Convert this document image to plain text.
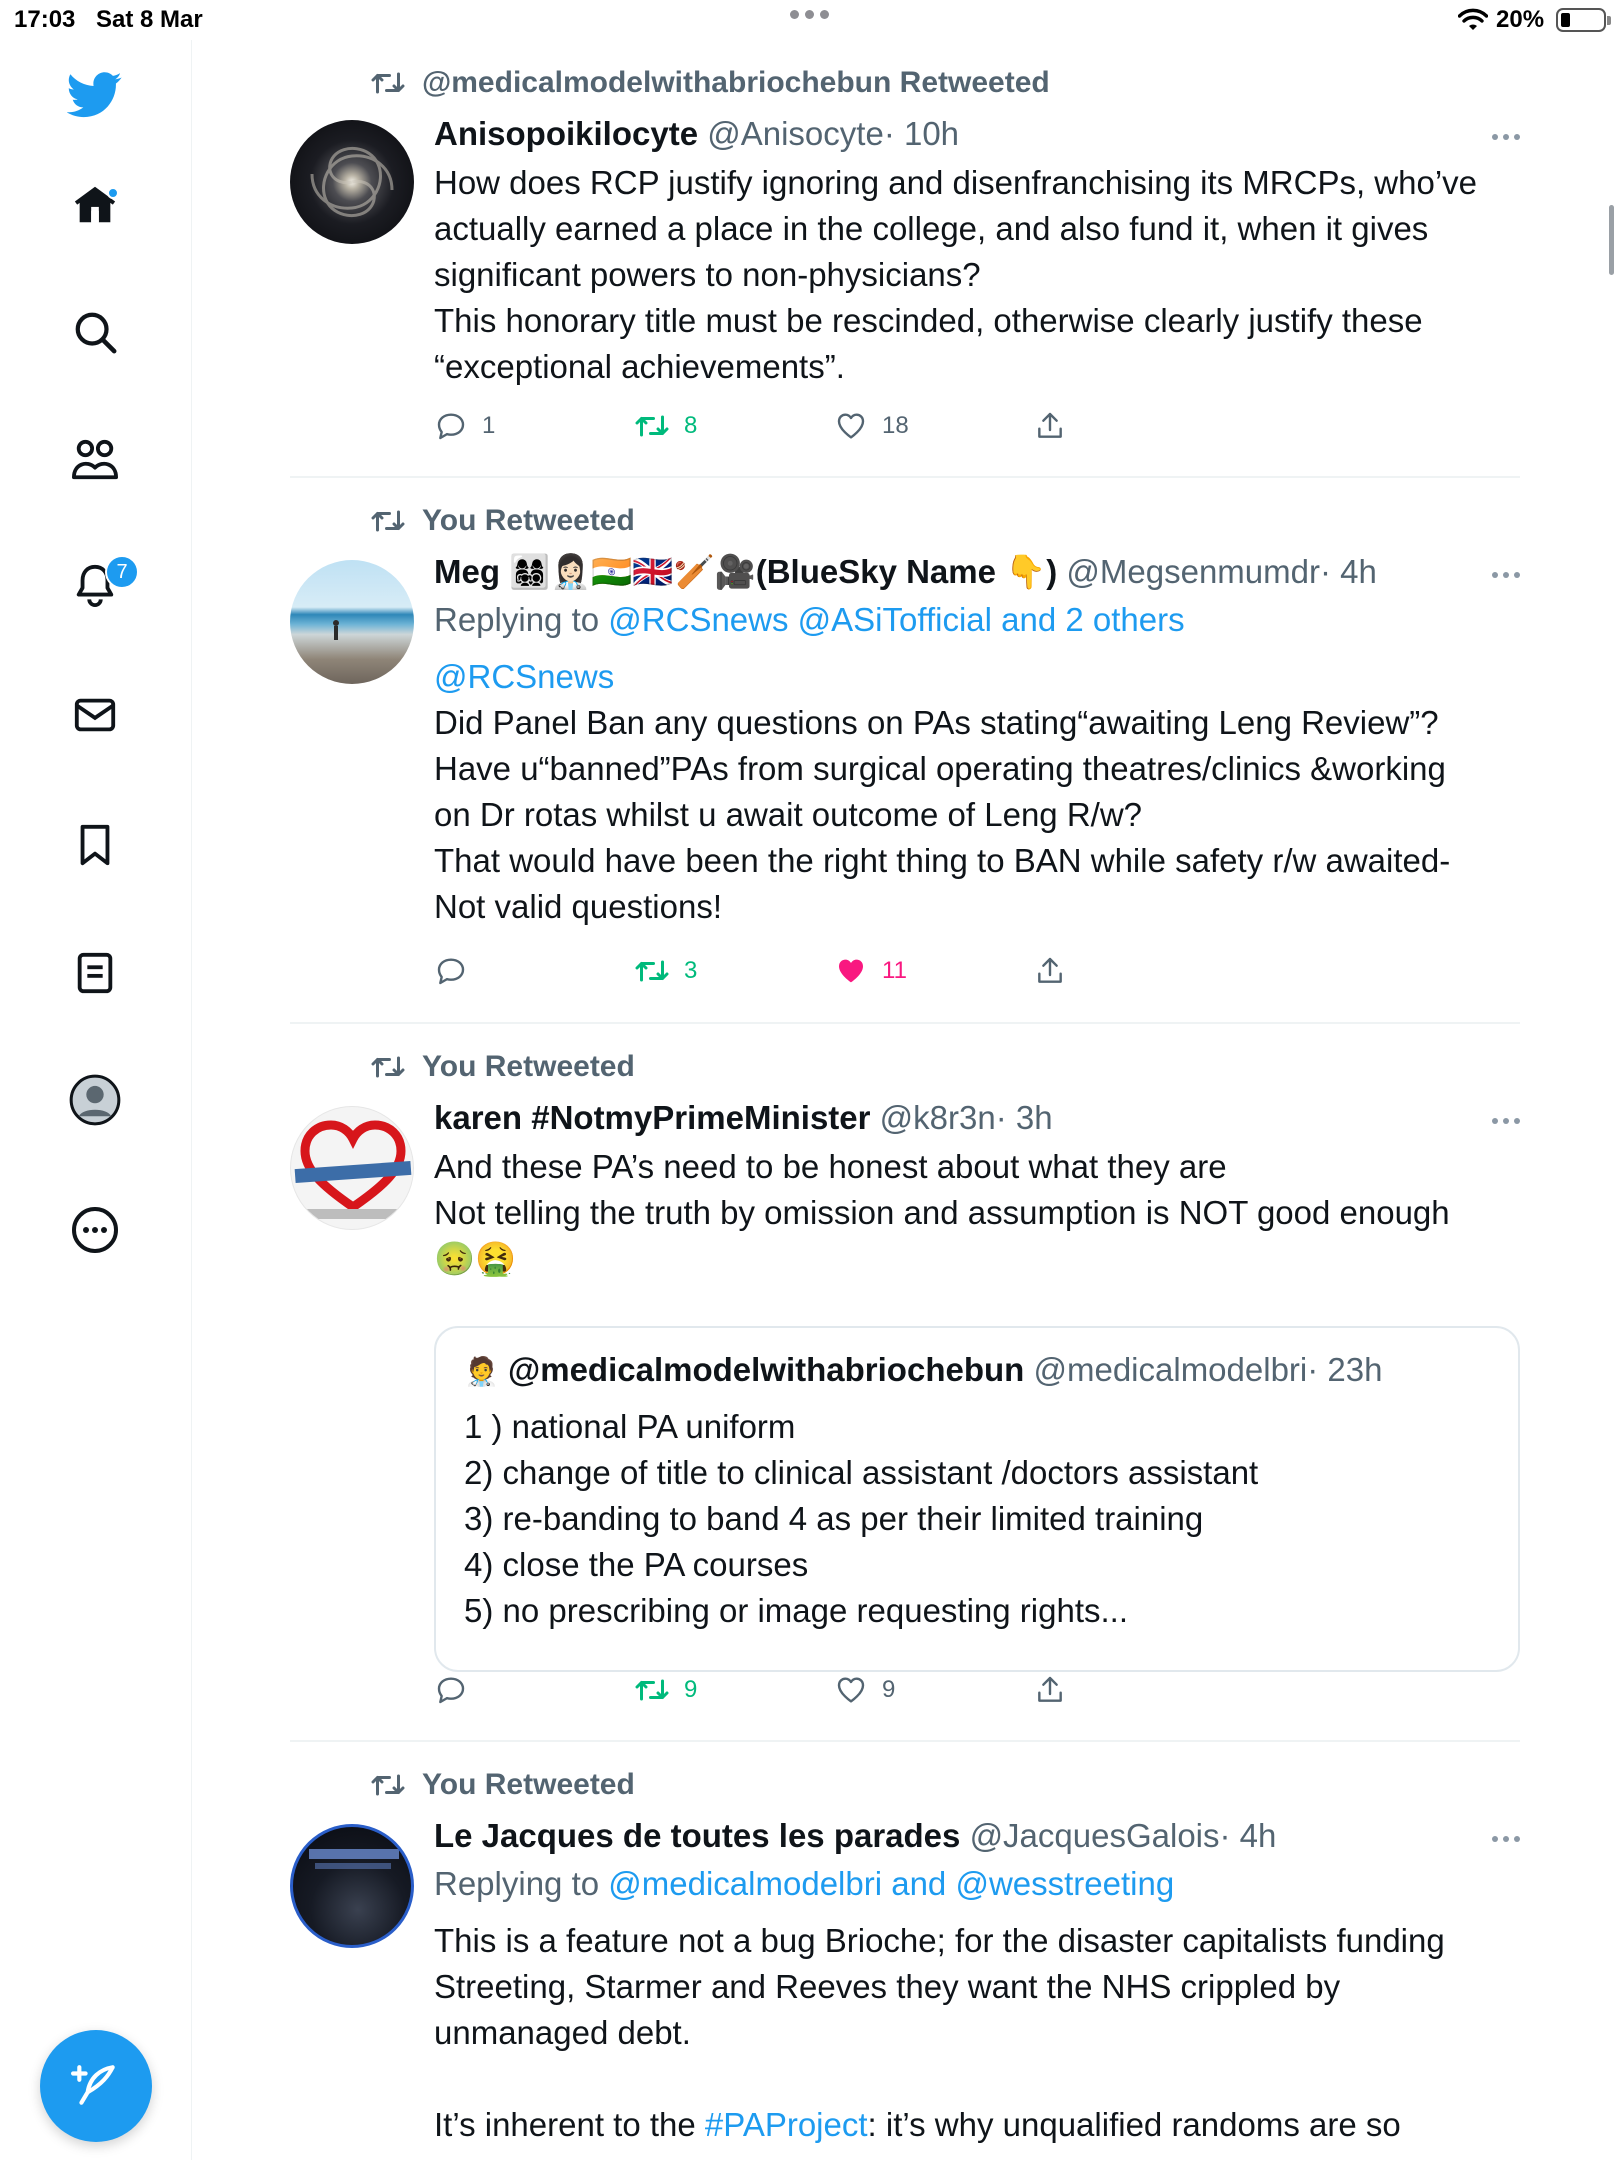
17:03 Sat 8 Mar	20%
7
@medicalmodelwithabriochebun Retweeted
Anisopoikilocyte @Anisocyte· 10h
How does RCP justify ignoring and disenfranchising its MRCPs, who’ve
actually earned a place in the college, and also fund it, when it gives
significant powers to non-physicians?
This honorary title must be rescinded, otherwise clearly justify these
“exceptional achievements”.
1	8	18
You Retweeted
Meg 👩‍👩‍👧‍👦👩🏻‍⚕️🇮🇳🇬🇧🏏🎥(BlueSky Name 👇) @Megsenmumdr· 4h
Replying to @RCSnews @ASiTofficial and 2 others
@RCSnews
Did Panel Ban any questions on PAs stating“awaiting Leng Review”?
Have u“banned”PAs from surgical operating theatres/clinics &working
on Dr rotas whilst u await outcome of Leng R/w?
That would have been the right thing to BAN while safety r/w awaited-
Not valid questions!
3	11
You Retweeted
karen #NotmyPrimeMinister @k8r3n· 3h
And these PA’s need to be honest about what they are
Not telling the truth by omission and assumption is NOT good enough
🤢🤮
🧑‍⚕️ @medicalmodelwithabriochebun @medicalmodelbri· 23h
1 ) national PA uniform
2) change of title to clinical assistant /doctors assistant
3) re-banding to band 4 as per their limited training
4) close the PA courses
5) no prescribing or image requesting rights...
9	9
You Retweeted
Le Jacques de toutes les parades @JacquesGalois· 4h
Replying to @medicalmodelbri and @wesstreeting
This is a feature not a bug Brioche; for the disaster capitalists funding
Streeting, Starmer and Reeves they want the NHS crippled by
unmanaged debt.
It’s inherent to the #PAProject: it’s why unqualified randoms are so
